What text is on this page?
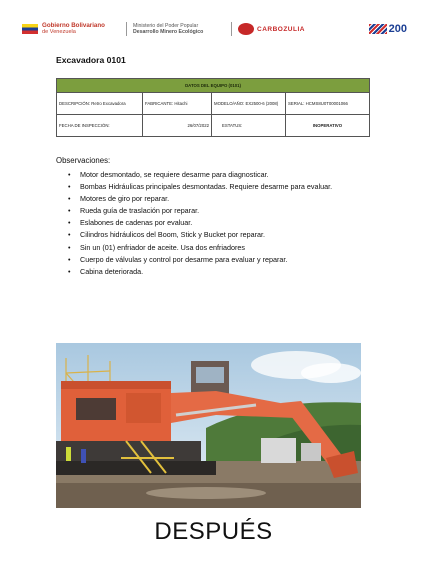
Gobierno Bolivariano
de Venezuela
Ministerio del Poder Popular
Desarrollo Minero Ecológico	CARBOZULIA	200
Excavadora 0101
DATOS DEL EQUIPO (0101)			
DESCRIPCIÓN: Retro Excavadora	FABRICANTE: Hitachi	MODELO/AÑO: EX2500-6 (2008)	SERIAL: HCMS8U0T00001066
FECHA DE INSPECCIÓN:	26/07/2022	ESTATUS:	INOPERATIVO
Observaciones:
• Motor desmontado, se requiere desarme para diagnosticar.
• Bombas Hidráulicas principales desmontadas. Requiere desarme para evaluar.
• Motores de giro por reparar.
• Rueda guía de traslación por reparar.
• Eslabones de cadenas por evaluar.
• Cilindros hidráulicos del Boom, Stick y Bucket por reparar.
• Sin un (01) enfriador de aceite. Usa dos enfriadores
• Cuerpo de válvulas y control por desarme para evaluar y reparar.
• Cabina deteriorada.
DESPUÉS
